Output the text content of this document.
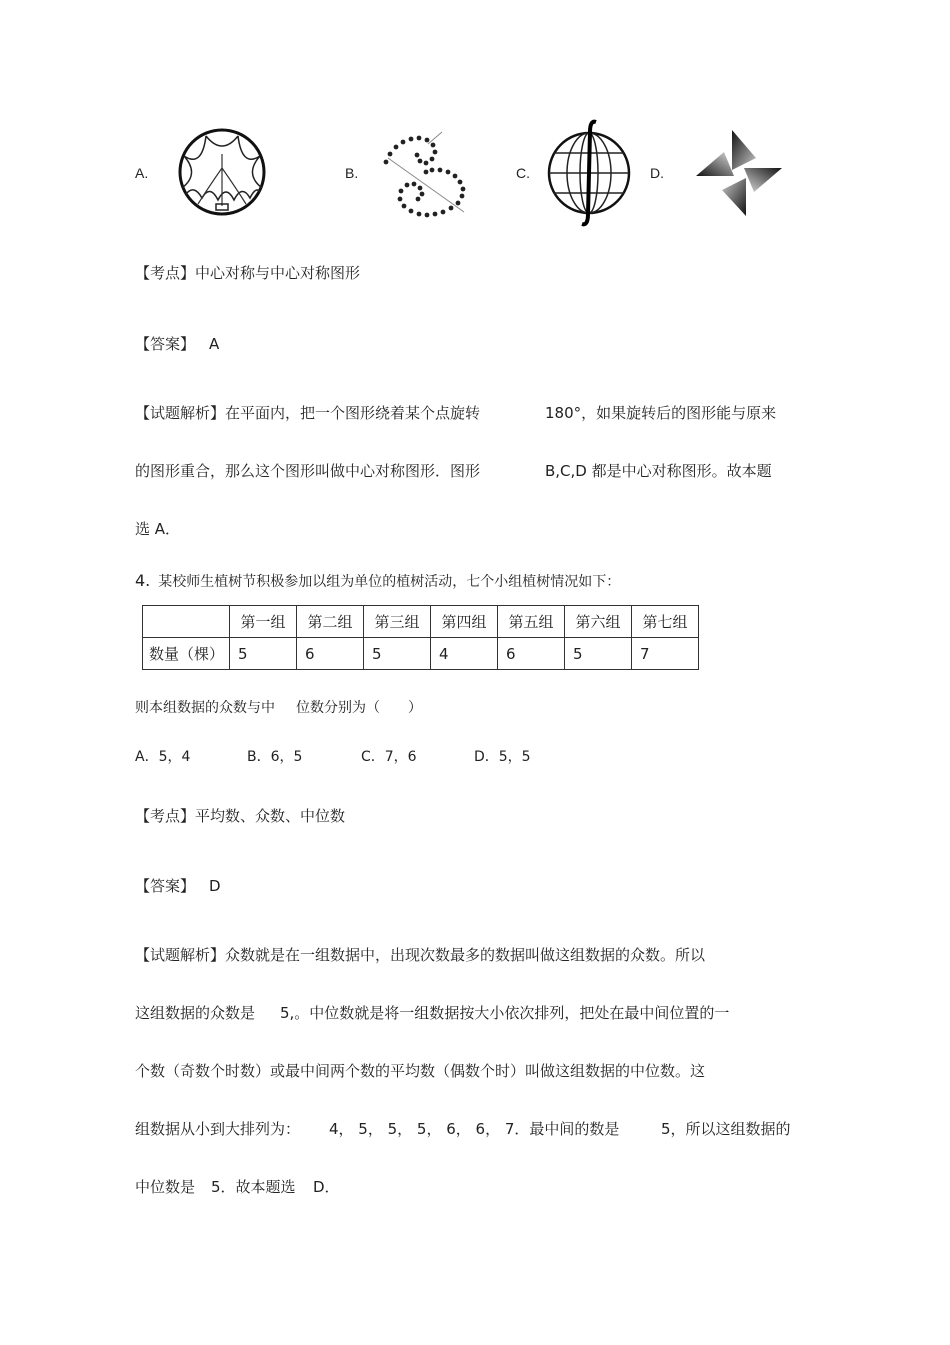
A.	B.	C.	D.
【考点】中心对称与中心对称图形
【答案】 A
【试题解析】在平面内，把一个图形绕着某个点旋转	180°，如果旋转后的图形能与原来
的图形重合，那么这个图形叫做中心对称图形．图形	B,C,D 都是中心对称图形。故本题
选 A．
4. 某校师生植树节积极参加以组为单位的植树活动，七个小组植树情况如下：
	第一组	第二组	第三组	第四组	第五组	第六组	第七组
数量（棵）	5	6	5	4	6	5	7
则本组数据的众数与中 位数分别为（　　）
A．5，4	B．6，5	C．7，6	D．5，5
【考点】平均数、众数、中位数
【答案】 D
【试题解析】众数就是在一组数据中，出现次数最多的数据叫做这组数据的众数。所以
这组数据的众数是 5,。中位数就是将一组数据按大小依次排列，把处在最中间位置的一
个数（奇数个时数）或最中间两个数的平均数（偶数个时）叫做这组数据的中位数。这
组数据从小到大排列为： 4， 5， 5， 5， 6， 6， 7．最中间的数是	5，所以这组数据的
中位数是 5．故本题选 D．
